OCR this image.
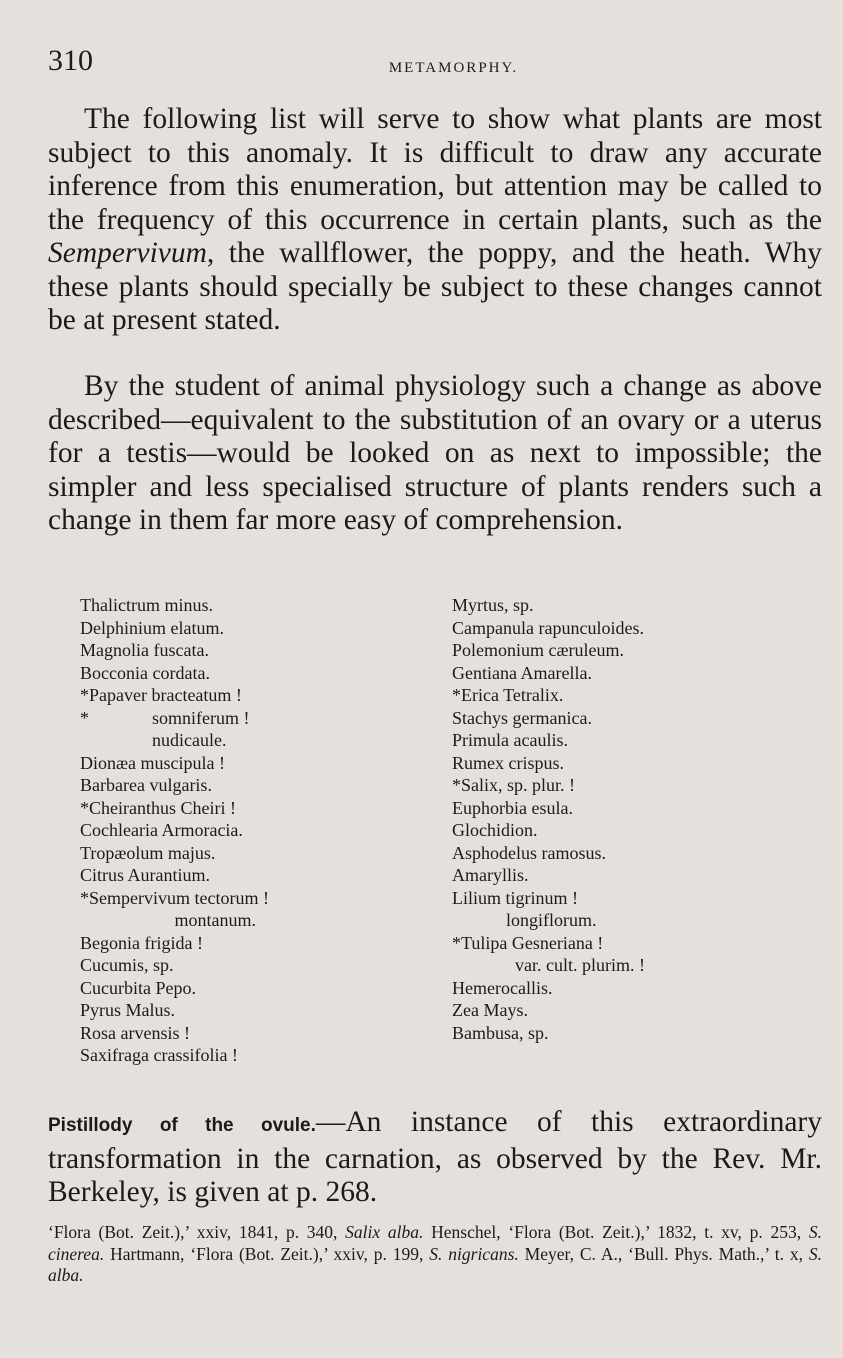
310	METAMORPHY.

The following list will serve to show what plants are most subject to this anomaly. It is difficult to draw any accurate inference from this enumeration, but attention may be called to the frequency of this occurrence in certain plants, such as the Sempervivum, the wallflower, the poppy, and the heath. Why these plants should specially be subject to these changes cannot be at present stated.

By the student of animal physiology such a change as above described—equivalent to the substitution of an ovary or a uterus for a testis—would be looked on as next to impossible; the simpler and less specialised structure of plants renders such a change in them far more easy of comprehension.

Thalictrum minus.
Delphinium elatum.
Magnolia fuscata.
Bocconia cordata.
*Papaver bracteatum !
*              somniferum !
nudicaule.
Dionæa muscipula !
Barbarea vulgaris.
*Cheiranthus Cheiri !
Cochlearia Armoracia.
Tropæolum majus.
Citrus Aurantium.
*Sempervivum tectorum !
montanum.
Begonia frigida !
Cucumis, sp.
Cucurbita Pepo.
Pyrus Malus.
Rosa arvensis !
Saxifraga crassifolia !
Myrtus, sp.
Campanula rapunculoides.
Polemonium cæruleum.
Gentiana Amarella.
*Erica Tetralix.
Stachys germanica.
Primula acaulis.
Rumex crispus.
*Salix, sp. plur. !
Euphorbia esula.
Glochidion.
Asphodelus ramosus.
Amaryllis.
Lilium tigrinum !
longiflorum.
*Tulipa Gesneriana !
var. cult. plurim. !
Hemerocallis.
Zea Mays.
Bambusa, sp.

Pistillody of the ovule.—An instance of this extraordinary transformation in the carnation, as observed by the Rev. Mr. Berkeley, is given at p. 268.

‘Flora (Bot. Zeit.),’ xxiv, 1841, p. 340, Salix alba. Henschel, ‘Flora (Bot. Zeit.),’ 1832, t. xv, p. 253, S. cinerea. Hartmann, ‘Flora (Bot. Zeit.),’ xxiv, p. 199, S. nigricans. Meyer, C. A., ‘Bull. Phys. Math.,’ t. x, S. alba.
